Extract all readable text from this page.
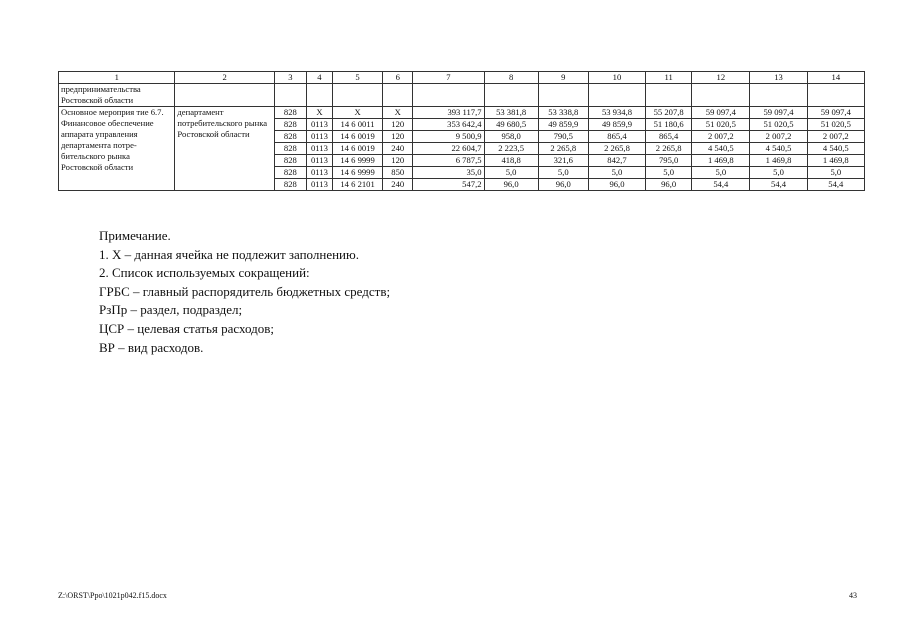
1	2	3	4	5	6	7	8	9	10	11	12	13	14
предпринимательства Ростовской области													
Основное мероприя тие 6.7. Финансовое обеспечение аппарата управления департамента потре- бительского рынка Ростовской области	департамент потребительского рынка Ростовской области	828	X	X	X	393 117,7	53 381,8	53 338,8	53 934,8	55 207,8	59 097,4	59 097,4	59 097,4
		828	0113	14 6 0011	120	353 642,4	49 680,5	49 859,9	49 859,9	51 180,6	51 020,5	51 020,5	51 020,5
		828	0113	14 6 0019	120	9 500,9	958,0	790,5	865,4	865,4	2 007,2	2 007,2	2 007,2
		828	0113	14 6 0019	240	22 604,7	2 223,5	2 265,8	2 265,8	2 265,8	4 540,5	4 540,5	4 540,5
		828	0113	14 6 9999	120	6 787,5	418,8	321,6	842,7	795,0	1 469,8	1 469,8	1 469,8
		828	0113	14 6 9999	850	35,0	5,0	5,0	5,0	5,0	5,0	5,0	5,0
		828	0113	14 6 2101	240	547,2	96,0	96,0	96,0	96,0	54,4	54,4	54,4
Примечание.
1. X – данная ячейка не подлежит заполнению.
2. Список используемых сокращений:
ГРБС – главный распорядитель бюджетных средств;
РзПр – раздел, подраздел;
ЦСР – целевая статья расходов;
ВР – вид расходов.
Z:\ORST\Ppo\1021p042.f15.docx	43
